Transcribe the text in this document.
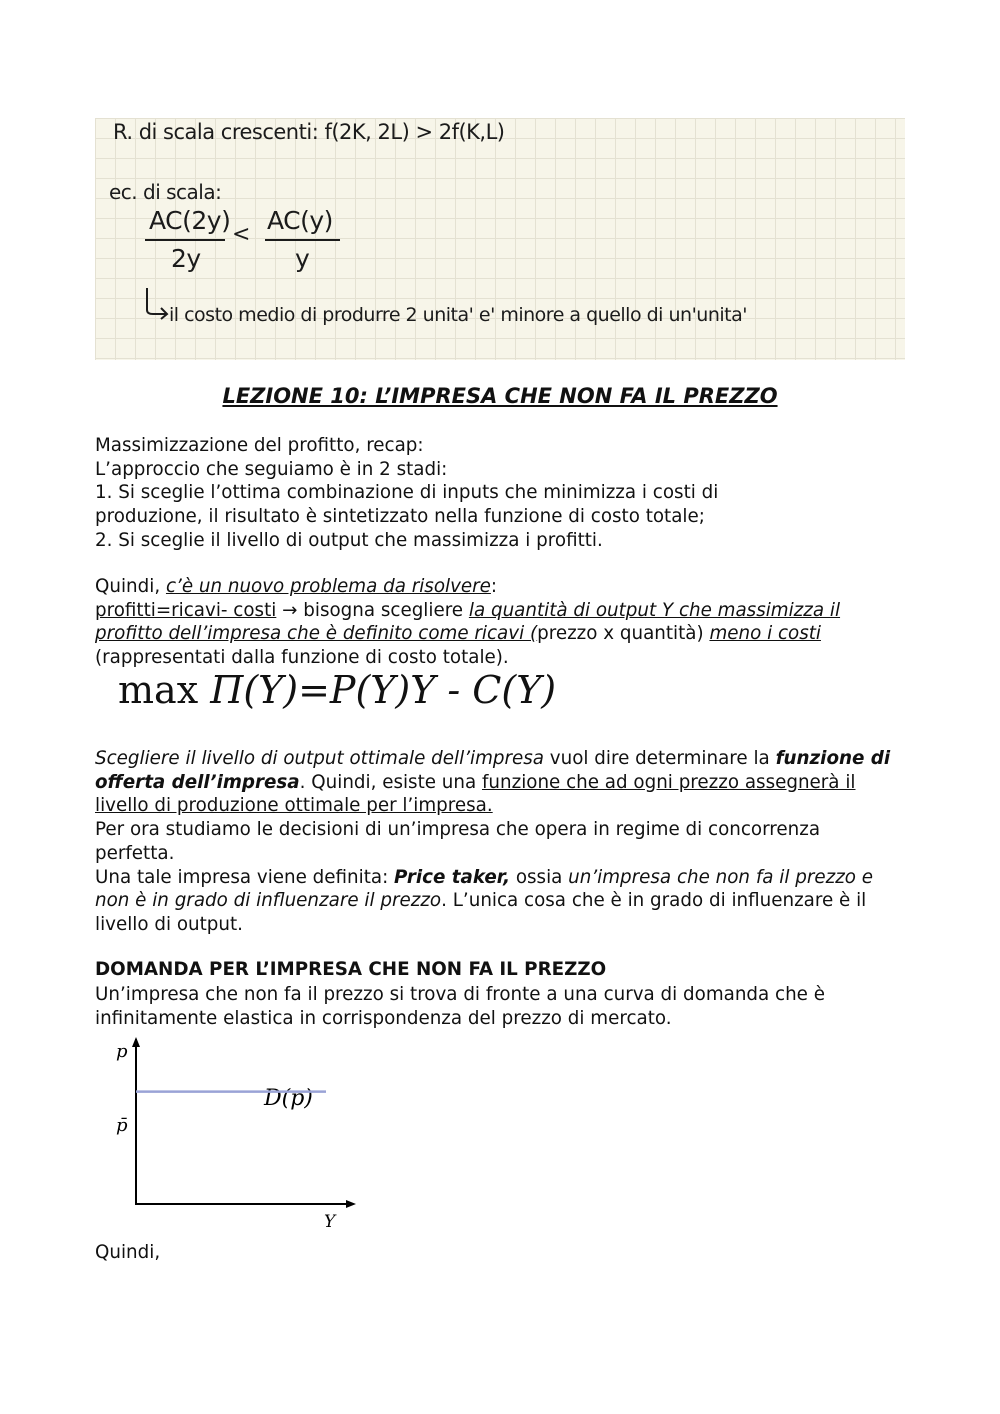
R. di scala crescenti: f(2K, 2L) > 2f(K,L)
ec. di scala:
AC(2y)
2y
< AC(y)
y
il costo medio di produrre 2 unita' e' minore a quello di un'unita'
LEZIONE 10: L’IMPRESA CHE NON FA IL PREZZO

Massimizzazione del profitto, recap:

L’approccio che seguiamo è in 2 stadi:

1. Si sceglie l’ottima combinazione di inputs che minimizza i costi di

produzione, il risultato è sintetizzato nella funzione di costo totale;

2. Si sceglie il livello di output che massimizza i profitti.

Quindi, c’è un nuovo problema da risolvere:

profitti=ricavi- costi → bisogna scegliere la quantità di output Y che massimizza il profitto dell’impresa che è definito come ricavi (prezzo x quantità) meno i costi (rappresentati dalla funzione di costo totale).

max Π(Y)=P(Y)Y - C(Y)

Scegliere il livello di output ottimale dell’impresa vuol dire determinare la funzione di offerta dell’impresa. Quindi, esiste una funzione che ad ogni prezzo assegnerà il livello di produzione ottimale per l’impresa.

Per ora studiamo le decisioni di un’impresa che opera in regime di concorrenza perfetta.

Una tale impresa viene definita: Price taker, ossia un’impresa che non fa il prezzo e non è in grado di influenzare il prezzo. L’unica cosa che è in grado di influenzare è il livello di output.

DOMANDA PER L’IMPRESA CHE NON FA IL PREZZO

Un’impresa che non fa il prezzo si trova di fronte a una curva di domanda che è infinitamente elastica in corrispondenza del prezzo di mercato.

p
Y
p̄
D(p)
Quindi,
